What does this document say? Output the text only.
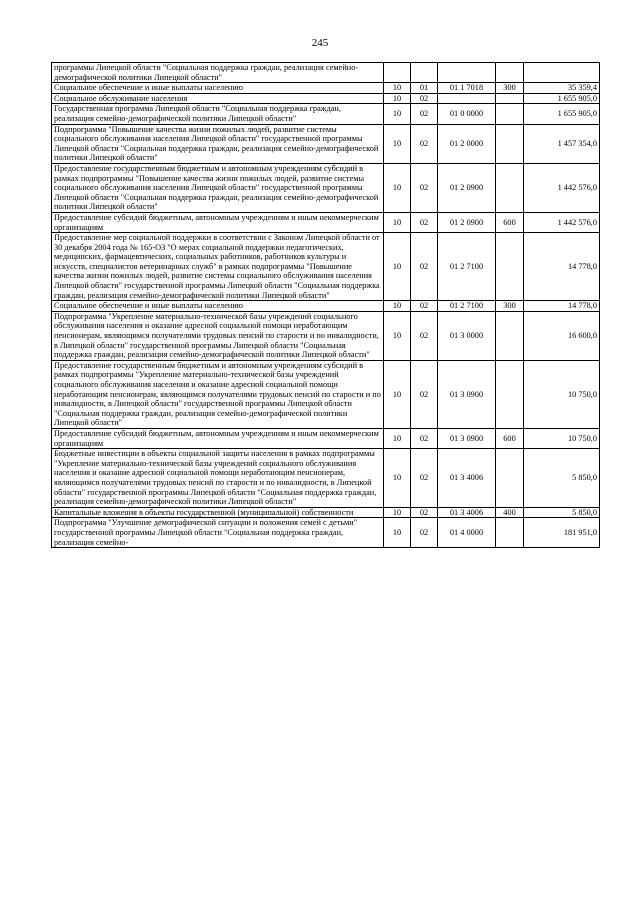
245
программы Липецкой области "Социальная поддержка граждан, реализация семейно-демографической политики Липецкой области"					
Социальное обеспечение и иные выплаты населению	10	01	01 1 7018	300	35 359,4
Социальное обслуживание населения	10	02			1 655 905,0
Государственная программа Липецкой области "Социальная поддержка граждан, реализация семейно-демографической политики Липецкой области"	10	02	01 0 0000		1 655 905,0
Подпрограмма "Повышение качества жизни пожилых людей, развитие системы социального обслуживания населения Липецкой области" государственной программы Липецкой области "Социальная поддержка граждан, реализация семейно-демографической политики Липецкой области"	10	02	01 2 0000		1 457 354,0
Предоставление государственным бюджетным и автономным учреждениям субсидий в рамках подпрограммы "Повышение качества жизни пожилых людей, развитие системы социального обслуживания населения Липецкой области" государственной программы Липецкой области "Социальная поддержка граждан, реализация семейно-демографической политики Липецкой области"	10	02	01 2 0900		1 442 576,0
Предоставление субсидий бюджетным, автономным учреждениям и иным некоммерческим организациям	10	02	01 2 0900	600	1 442 576,0
Предоставление мер социальной поддержки в соответствии с Законом Липецкой области от 30 декабря 2004 года № 165-ОЗ "О мерах социальной поддержки педагогических, медицинских, фармацевтических, социальных работников, работников культуры и искусств, специалистов ветеринарных служб" в рамках подпрограммы "Повышение качества жизни пожилых людей, развитие системы социального обслуживания населения Липецкой области" государственной программы Липецкой области "Социальная поддержка граждан, реализация семейно-демографической политики Липецкой области"	10	02	01 2 7100		14 778,0
Социальное обеспечение и иные выплаты населению	10	02	01 2 7100	300	14 778,0
Подпрограмма "Укрепление материально-технической базы учреждений социального обслуживания населения и оказание адресной социальной помощи неработающим пенсионерам, являющимся получателями трудовых пенсий по старости и по инвалидности, в Липецкой области" государственной программы Липецкой области "Социальная поддержка граждан, реализация семейно-демографической политики Липецкой области"	10	02	01 3 0000		16 600,0
Предоставление государственным бюджетным и автономным учреждениям субсидий в рамках подпрограммы "Укрепление материально-технической базы учреждений социального обслуживания населения и оказание адресной социальной помощи неработающим пенсионерам, являющимся получателями трудовых пенсий по старости и по инвалидности, в Липецкой области" государственной программы Липецкой области "Социальная поддержка граждан, реализация семейно-демографической политики Липецкой области"	10	02	01 3 0900		10 750,0
Предоставление субсидий бюджетным, автономным учреждениям и иным некоммерческим организациям	10	02	01 3 0900	600	10 750,0
Бюджетные инвестиции в объекты социальной защиты населения в рамках подпрограммы "Укрепление материально-технической базы учреждений социального обслуживания населения и оказание адресной социальной помощи неработающим пенсионерам, являющимся получателями трудовых пенсий по старости и по инвалидности, в Липецкой области" государственной программы Липецкой области "Социальная поддержка граждан, реализация семейно-демографической политики Липецкой области"	10	02	01 3 4006		5 850,0
Капитальные вложения в объекты государственной (муниципальной) собственности	10	02	01 3 4006	400	5 850,0
Подпрограмма "Улучшение демографической ситуации и положения семей с детьми" государственной программы Липецкой области "Социальная поддержка граждан, реализация семейно-	10	02	01 4 0000		181 951,0
